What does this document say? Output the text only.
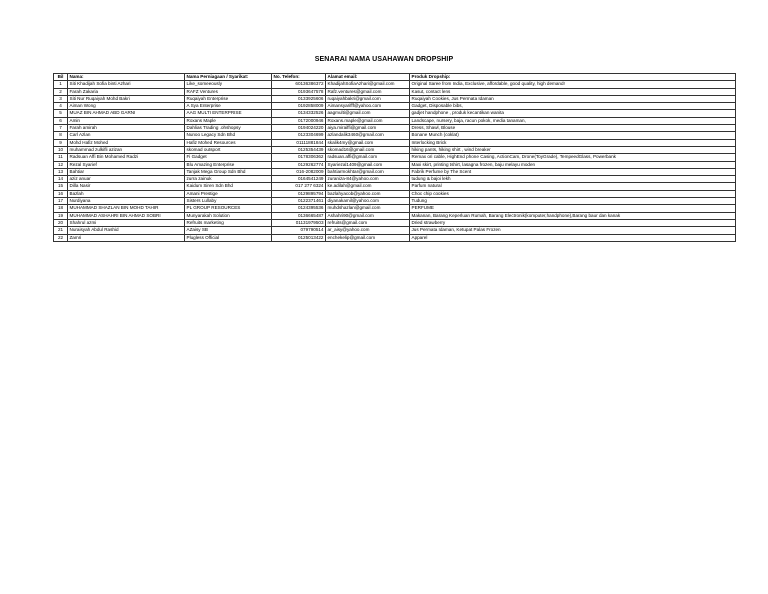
SENARAI NAMA USAHAWAN DROPSHIP
Bil	Nama:	Nama Perniagaan / Syarikat:	No. Telefon:	Alamat email:	Produk Dropship:
1	Siti Khadijah Sofia binti Azhari	Like_someeously	60136386372	KhadijahSofiaAzhari@gmail.com	Original Saree from India, Exclusive, affordable, good quality, high demand!
2	Farah Zakaria	RAFZ Ventures	0193647578	Rafz.ventures@gmail.com	Kasut, contact lens
3	Siti Nur Ruqaiyah Mohd Bakri	Ruqaiyah Enterprise	0133925606	ruqaiyahbakri@gmail.com	Ruqaiyah Cookies, Jus Permata Idaman
4	Aiman Wong	A Sya Enterprise	0192858009	Aimansyarifff@yahoo.com	Gadget, Disposable bibs,
5	MUAZ BIN AHMAD ABD GARNI	AAG MULTI ENTERPRISE	0134332526	aagmulti@gmail.com	gadjet handphone , produk kecantikan wanita
6	Amin	Roxans Maple	0172000946	Roxans.maple@gmail.com	Landscape, nursery, baja, racun pokok, media tanaman,
7	Farah amirah	Dahlias Trading .ohshopsy	0194024220	aiya.miraiffi@gmail.com	Dress, Shawl, Blouse
8	Carl Azlan	Nunoo Legacy Sdn Bhd	0123304699	azlandalik3460@gmail.com	Bonane Munch (coklat)
9	Mohd Hafiz Mohed	Hafiz Mohed Resources	01111881844	skalik4my@gmail.com	Interlocking Brick
10	muhammad zulkifli azizan	skomad outsport	0125354439	skomad16@gmail.com	hiking pants, hiking shirt , wind breaker
11	Radsuan Affi Bin Mohamed Radzi	Fi Gadget	0178306362	radsuan.affi@gmail.com	Remax ori cable, HighEnd phone Casing, ActionCam, Drone(ToyGrade), TempeedGlass, Powerbank
12	Rezal Syarief	Blu Amazing Enterprise	0129262774	Syariezal1409@gmail.com	Maxi skirt, printing tshirt, lasagna frozen, baju melayu moden
13	Bahtiar	Tanjak Mega Group Sdn Bhd	016-2082009	bahtiarmokhtar@gmail.com	Fabrik Perfume by The Scent
14	aziz anuar	zurra zainuk	0164541249	zuraniza-84@yahoo.com	tudung & bajoi lekh
15	Dilla Nasir	Kaidum Siren Sdn Bhd	017 277 6324	ke.adilah@gmail.com	Parfum natural
16	Bazlah	Amani Prestige	0129895794	bazlahyacob@yahoo.com	Choc chip cookies
17	Nurdiyana	Sisters Lullaby	0122371461	diyanakamil@yahoo.com	Tudung
18	MUHAMMAD SHAZLAN BIN MOHD TAHIR	PL GROUP RESOURCES	0124395536	muhdshazlan@gmail.com	PERFUME
19	MUHAMMAD ASHAHRI BIN AHMAD SOBRI	Munyarakah Solution	0136665487	Ashahri90@gmail.com	Makanan, Barang Keperluan Rumah, Barang Electronik(komputer,handphone),Barang baur dan kanak
20	Shahrul azmi	Refruits marketing	01131979503	refruits@gmail.com	Dried strawberry
21	Nuraisyah Abdul Rashid	AZaisy SB	079790514	ar_aisy@yahoo.com	Jus Permata Idaman, Ketupat Palas Frozen
22	Zamri	Plugless Official	0125013422	enchekelip@gmail.com	Apparel
